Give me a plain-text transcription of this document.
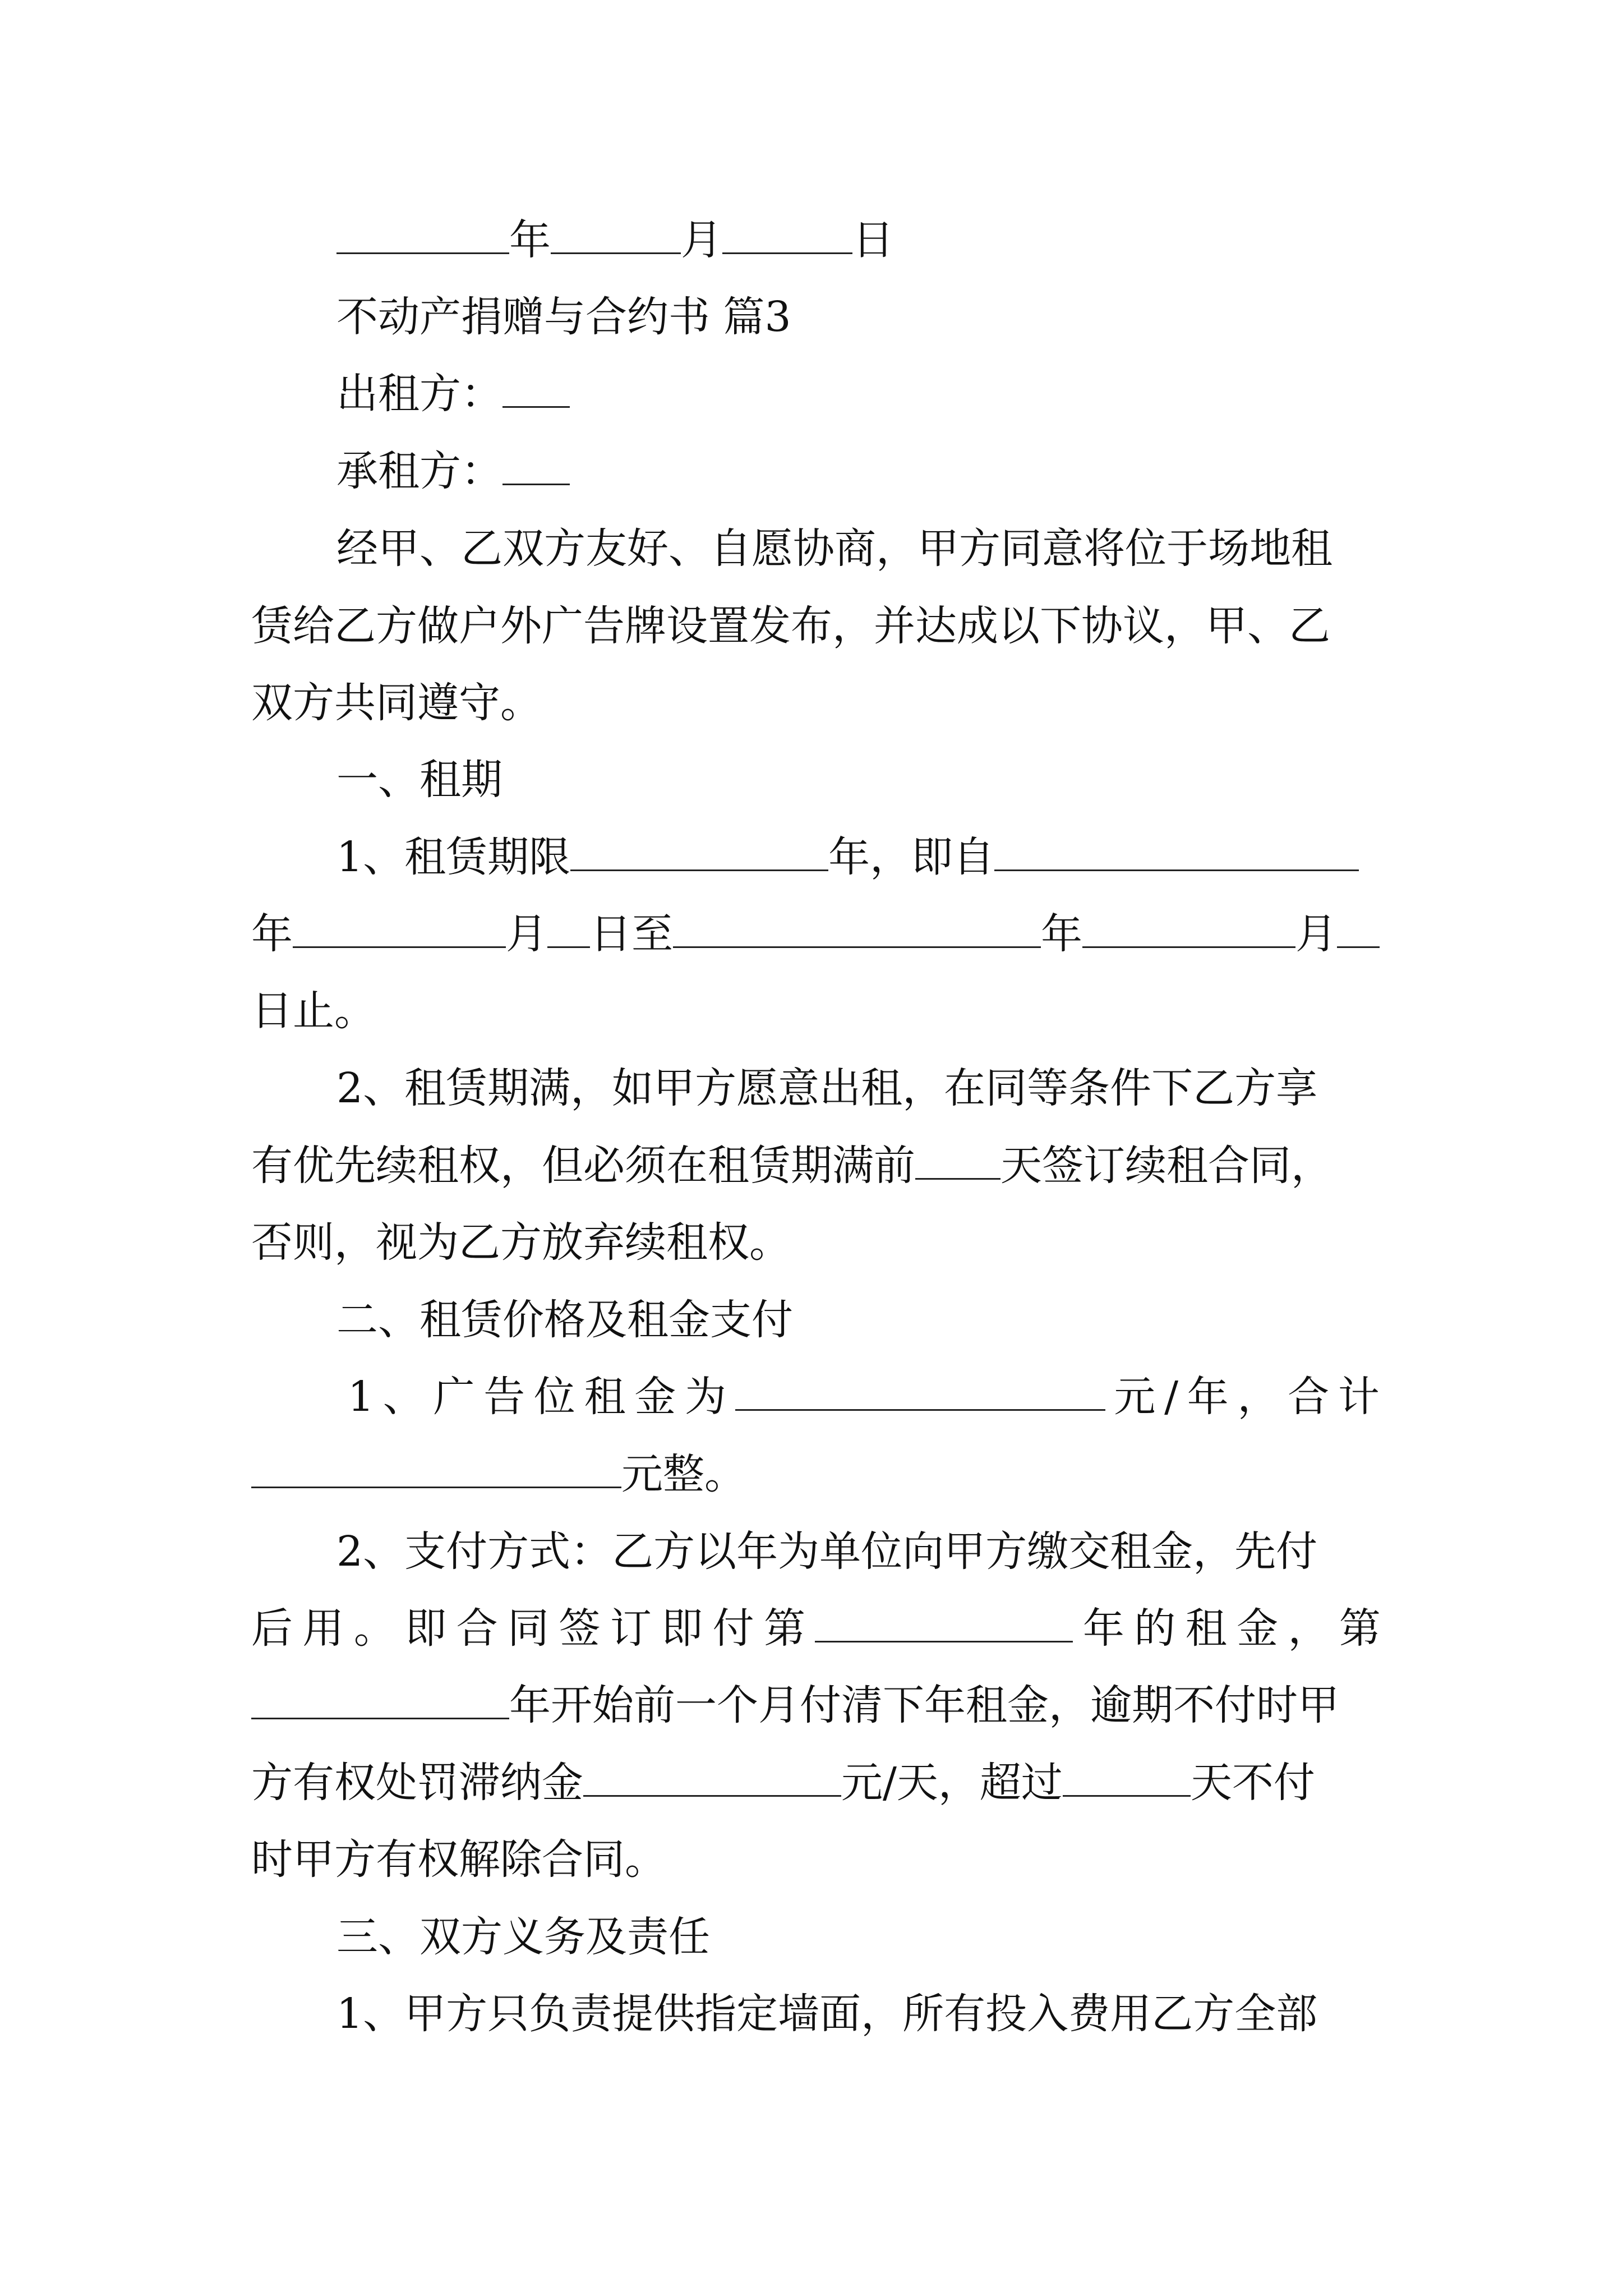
年	月	日

不动产捐赠与合约书 篇3

出租方：

承租方：

经甲、乙双方友好、自愿协商，甲方同意将位于场地租

赁给乙方做户外广告牌设置发布，并达成以下协议，甲、乙

双方共同遵守。

一、租期

1、租赁期限	年，即自

年	月 日至	年	月

日止。

2、租赁期满，如甲方愿意出租，在同等条件下乙方享

有优先续租权，但必须在租赁期满前 天签订续租合同，

否则，视为乙方放弃续租权。

二、租赁价格及租金支付

1 、 广 告 位 租 金 为	元 / 年 ， 合 计

元整。

2、支付方式：乙方以年为单位向甲方缴交租金，先付

后 用 。 即 合 同 签 订 即 付 第	年 的 租 金 ， 第

年开始前一个月付清下年租金，逾期不付时甲

方有权处罚滞纳金	元/天，超过	天不付

时甲方有权解除合同。

三、双方义务及责任

1、甲方只负责提供指定墙面，所有投入费用乙方全部
